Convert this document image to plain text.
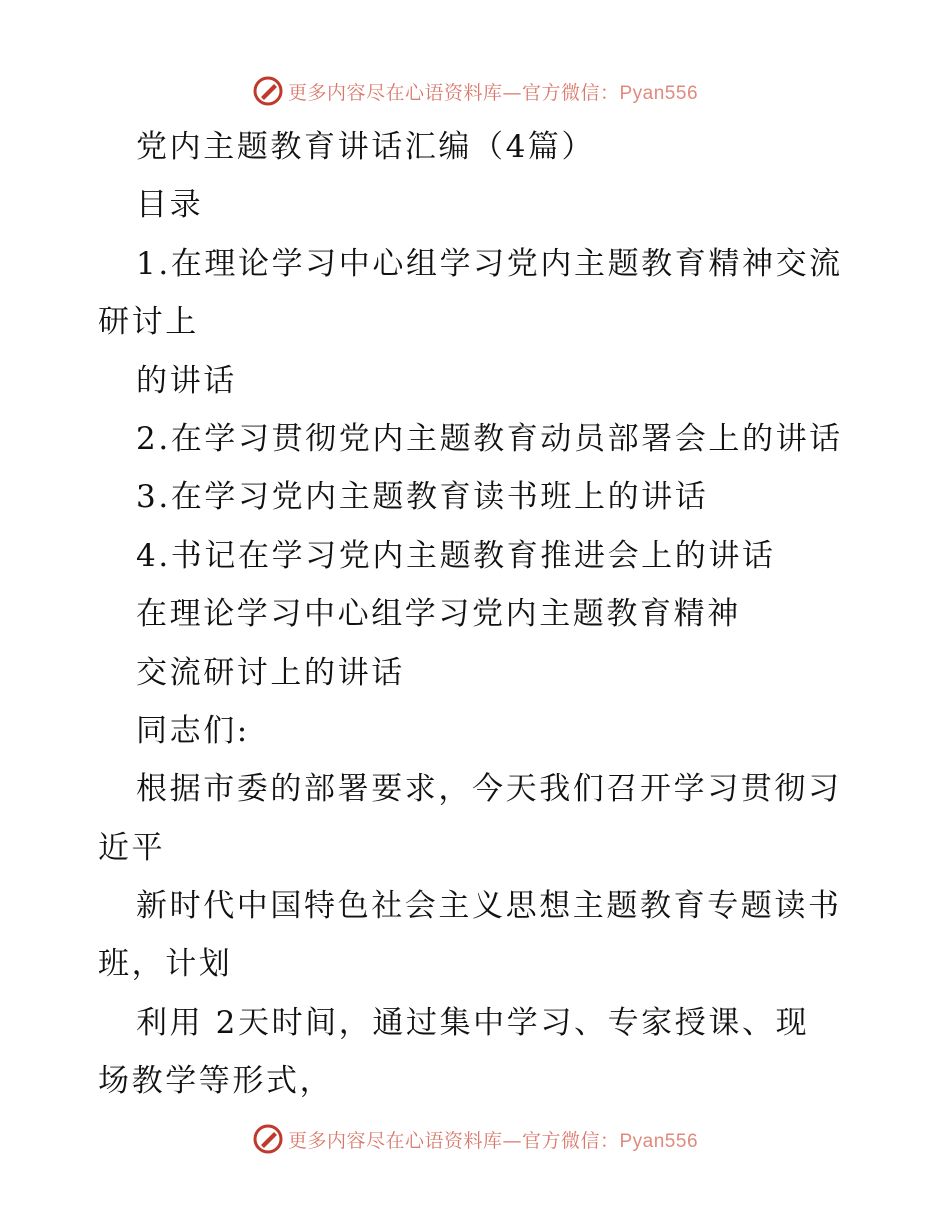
更多内容尽在心语资料库—官方微信：Pyan556
党内主题教育讲话汇编（4篇）
目录
1.在理论学习中心组学习党内主题教育精神交流
研讨上
的讲话
2.在学习贯彻党内主题教育动员部署会上的讲话
3.在学习党内主题教育读书班上的讲话
4.书记在学习党内主题教育推进会上的讲话
在理论学习中心组学习党内主题教育精神
交流研讨上的讲话
同志们:
根据市委的部署要求，今天我们召开学习贯彻习
近平
新时代中国特色社会主义思想主题教育专题读书
班，计划
利用 2天时间，通过集中学习、专家授课、现
场教学等形式，
更多内容尽在心语资料库—官方微信：Pyan556
